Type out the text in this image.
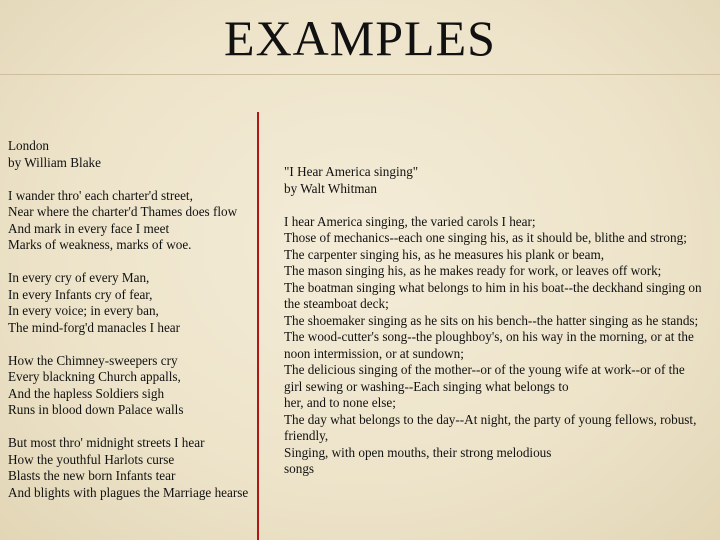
EXAMPLES
London
by William Blake
I wander thro' each charter'd street,
Near where the charter'd Thames does flow
And mark in every face I meet
Marks of weakness, marks of woe.
In every cry of every Man,
In every Infants cry of fear,
In every voice; in every ban,
The mind-forg'd manacles I hear
How the Chimney-sweepers cry
Every blackning Church appalls,
And the hapless Soldiers sigh
Runs in blood down Palace walls
But most thro' midnight streets I hear
How the youthful Harlots curse
Blasts the new born Infants tear
And blights with plagues the Marriage hearse
"I Hear America singing"
by Walt Whitman
I hear America singing, the varied carols I hear;
Those of mechanics--each one singing his, as it should be, blithe and strong;
The carpenter singing his, as he measures his plank or beam,
The mason singing his, as he makes ready for work, or leaves off work;
The boatman singing what belongs to him in his boat--the deckhand singing on the steamboat deck;
The shoemaker singing as he sits on his bench--the hatter singing as he stands;
The wood-cutter's song--the ploughboy's, on his way in the morning, or at the noon intermission, or at sundown;
The delicious singing of the mother--or of the young wife at work--or of the girl sewing or washing--Each singing what belongs to
her, and to none else;
The day what belongs to the day--At night, the party of young fellows, robust, friendly,
Singing, with open mouths, their strong melodious
songs
